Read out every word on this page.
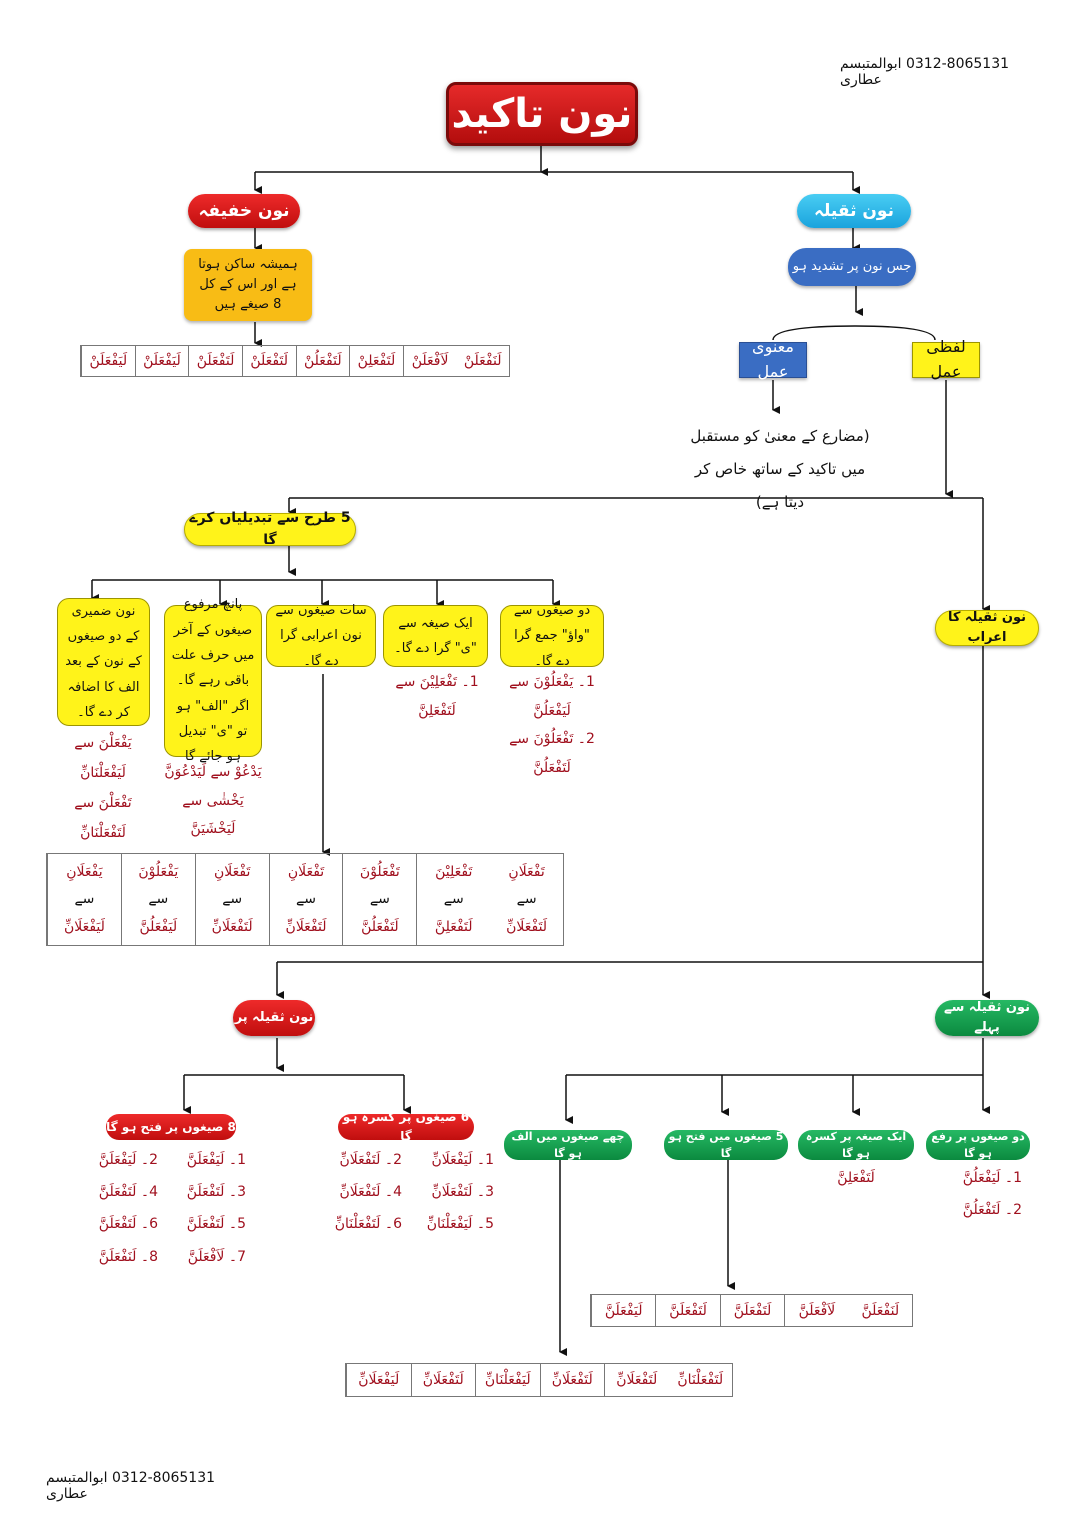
0312-8065131 ابوالمتبسم عطاری
0312-8065131 ابوالمتبسم عطاری
نون تاکید
نون خفیفہ
ہمیشہ ساکن ہوتا ہے اور اس کے کل 8 صیغے ہیں
لَیَفْعَلَنْ	لَیَفْعَلَنْ	لَتَفْعَلَنْ	لَتَفْعَلَنْ	لَتَفْعَلُنْ	لَتَفْعَلِنْ	لَاَفْعَلَنْ	لَنَفْعَلَنْ
نون ثقیلہ
جس نون پر تشدید ہو
معنوی عمل
لفظی عمل
(مضارع کے معنیٰ کو مستقبل میں تاکید کے ساتھ خاص کر دیتا ہے)
5 طرح سے تبدیلیاں کرے گا
دو صیغوں سے "واؤ" جمع گرا دے گا۔
ایک صیغہ سے "ی" گرا دے گا۔
سات صیغوں سے نون اعرابی گرا دے گا۔
پانچ مرفوع صیغوں کے آخر میں حرف علت باقی رہے گا۔ اگر "الف" ہو تو "ی" تبدیل ہو جائے گا
نون ضمیری کے دو صیغوں کے نون کے بعد الف کا اضافہ کر دے گا۔
1۔ یَفْعَلُوْنَ سے
لَیَفْعَلُنَّ
2۔ تَفْعَلُوْنَ سے
لَتَفْعَلُنَّ
1۔ تَفْعَلِیْنَ سے
لَتَفْعَلِنَّ
یَدْعُوْ سے لَیَدْعُوَنَّ
یَخْشٰی سے
لَیَخْشَیَنَّ
یَفْعَلْنَ سے
لَیَفْعَلْنَانِّ
تَفْعَلْنَ سے
لَتَفْعَلْنَانِّ
یَفْعَلَانِ
سے
لَیَفْعَلَانِّ
یَفْعَلُوْنَ
سے
لَیَفْعَلُنَّ
تَفْعَلَانِ
سے
لَتَفْعَلَانِّ
تَفْعَلَانِ
سے
لَتَفْعَلَانِّ
تَفْعَلُوْنَ
سے
لَتَفْعَلُنَّ
تَفْعَلِیْنَ
سے
لَتَفْعَلِنَّ
تَفْعَلَانِ
سے
لَتَفْعَلَانِّ
نون ثقیلہ کا اعراب
نون ثقیلہ سے پہلے
نون ثقیلہ پر
دو صیغوں پر رفع ہو گا
ایک صیغہ پر کسرہ ہو گا
5 صیغوں میں فتح ہو گا
چھے صیغوں میں الف ہو گا
1۔ لَیَفْعَلُنَّ
2۔ لَتَفْعَلُنَّ
لَتَفْعَلِنَّ
لَیَفْعَلَنَّ	لَتَفْعَلَنَّ	لَتَفْعَلَنَّ	لَاَفْعَلَنَّ	لَنَفْعَلَنَّ
لَیَفْعَلَانِّ	لَتَفْعَلَانِّ	لَیَفْعَلْنَانِّ	لَتَفْعَلَانِّ	لَتَفْعَلَانِّ	لَتَفْعَلْنَانِّ
6 صیغوں پر کسرہ ہو گا
8 صیغوں پر فتح ہو گا
1۔ لَیَفْعَلَانِّ
3۔ لَتَفْعَلَانِّ
5۔ لَیَفْعَلْنَانِّ
2۔ لَتَفْعَلَانِّ
4۔ لَتَفْعَلَانِّ
6۔ لَتَفْعَلْنَانِّ
1۔ لَیَفْعَلَنَّ
3۔ لَتَفْعَلَنَّ
5۔ لَتَفْعَلَنَّ
7۔ لَاَفْعَلَنَّ
2۔ لَیَفْعَلَنَّ
4۔ لَتَفْعَلَنَّ
6۔ لَتَفْعَلَنَّ
8۔ لَنَفْعَلَنَّ
